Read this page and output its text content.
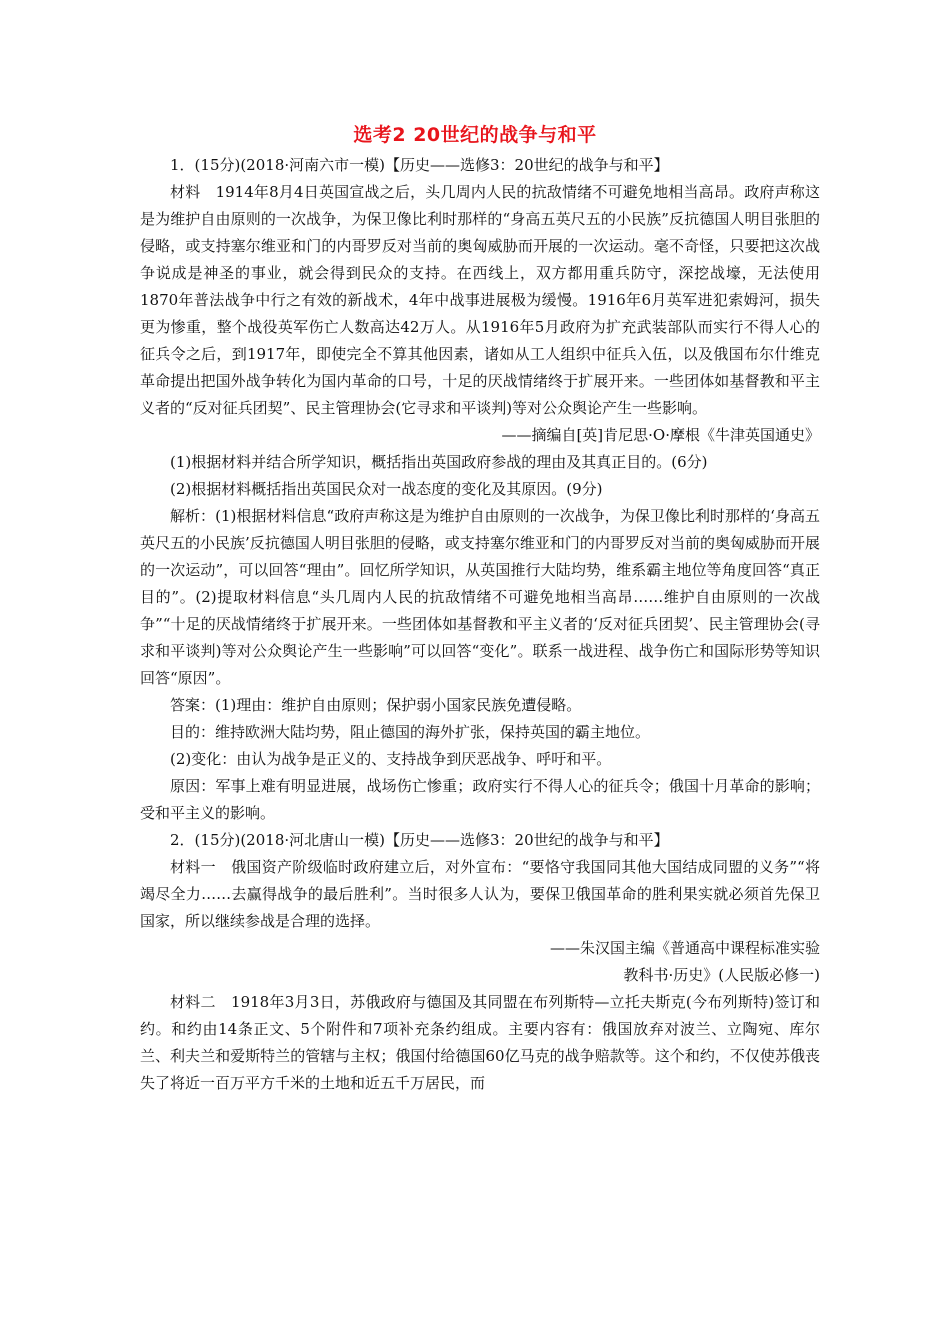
选考2 20世纪的战争与和平

1．(15分)(2018·河南六市一模)【历史——选修3：20世纪的战争与和平】

材料　1914年8月4日英国宣战之后，头几周内人民的抗敌情绪不可避免地相当高昂。政府声称这是为维护自由原则的一次战争，为保卫像比利时那样的“身高五英尺五的小民族”反抗德国人明目张胆的侵略，或支持塞尔维亚和门的内哥罗反对当前的奥匈威胁而开展的一次运动。毫不奇怪，只要把这次战争说成是神圣的事业，就会得到民众的支持。在西线上，双方都用重兵防守，深挖战壕，无法使用1870年普法战争中行之有效的新战术，4年中战事进展极为缓慢。1916年6月英军进犯索姆河，损失更为惨重，整个战役英军伤亡人数高达42万人。从1916年5月政府为扩充武装部队而实行不得人心的征兵令之后，到1917年，即使完全不算其他因素，诸如从工人组织中征兵入伍，以及俄国布尔什维克革命提出把国外战争转化为国内革命的口号，十足的厌战情绪终于扩展开来。一些团体如基督教和平主义者的“反对征兵团契”、民主管理协会(它寻求和平谈判)等对公众舆论产生一些影响。

——摘编自[英]肯尼思·O·摩根《牛津英国通史》

(1)根据材料并结合所学知识，概括指出英国政府参战的理由及其真正目的。(6分)

(2)根据材料概括指出英国民众对一战态度的变化及其原因。(9分)

解析：(1)根据材料信息“政府声称这是为维护自由原则的一次战争，为保卫像比利时那样的‘身高五英尺五的小民族’反抗德国人明目张胆的侵略，或支持塞尔维亚和门的内哥罗反对当前的奥匈威胁而开展的一次运动”，可以回答“理由”。回忆所学知识，从英国推行大陆均势，维系霸主地位等角度回答“真正目的”。(2)提取材料信息“头几周内人民的抗敌情绪不可避免地相当高昂……维护自由原则的一次战争”“十足的厌战情绪终于扩展开来。一些团体如基督教和平主义者的‘反对征兵团契’、民主管理协会(寻求和平谈判)等对公众舆论产生一些影响”可以回答“变化”。联系一战进程、战争伤亡和国际形势等知识回答“原因”。

答案：(1)理由：维护自由原则；保护弱小国家民族免遭侵略。

目的：维持欧洲大陆均势，阻止德国的海外扩张，保持英国的霸主地位。

(2)变化：由认为战争是正义的、支持战争到厌恶战争、呼吁和平。

原因：军事上难有明显进展，战场伤亡惨重；政府实行不得人心的征兵令；俄国十月革命的影响；受和平主义的影响。

2．(15分)(2018·河北唐山一模)【历史——选修3：20世纪的战争与和平】

材料一　俄国资产阶级临时政府建立后，对外宣布：“要恪守我国同其他大国结成同盟的义务”“将竭尽全力……去赢得战争的最后胜利”。当时很多人认为，要保卫俄国革命的胜利果实就必须首先保卫国家，所以继续参战是合理的选择。

——朱汉国主编《普通高中课程标准实验

教科书·历史》(人民版必修一)

材料二　1918年3月3日，苏俄政府与德国及其同盟在布列斯特—立托夫斯克(今布列斯特)签订和约。和约由14条正文、5个附件和7项补充条约组成。主要内容有：俄国放弃对波兰、立陶宛、库尔兰、利夫兰和爱斯特兰的管辖与主权；俄国付给德国60亿马克的战争赔款等。这个和约，不仅使苏俄丧失了将近一百万平方千米的土地和近五千万居民，而
